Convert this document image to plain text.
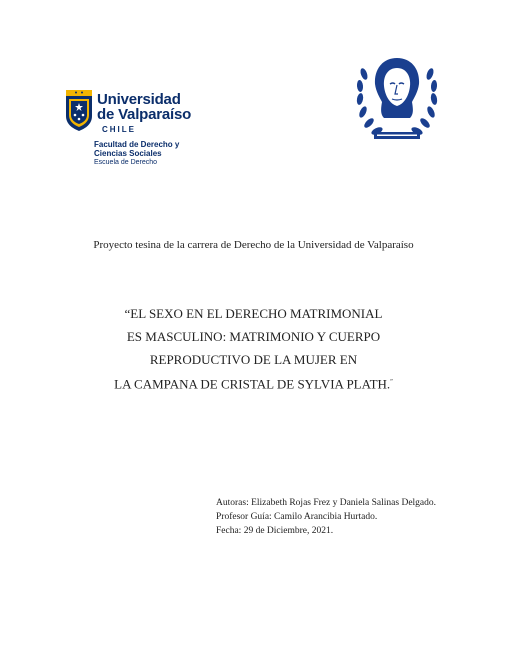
Universidad
de Valparaíso
CHILE
Facultad de Derecho y
Ciencias Sociales
Escuela de Derecho
Proyecto tesina de la carrera de Derecho de la Universidad de Valparaíso
“EL SEXO EN EL DERECHO MATRIMONIAL
ES MASCULINO: MATRIMONIO Y CUERPO
REPRODUCTIVO DE LA MUJER EN
LA CAMPANA DE CRISTAL DE SYLVIA PLATH.”
Autoras: Elizabeth Rojas Frez y Daniela Salinas Delgado.
Profesor Guía: Camilo Arancibia Hurtado.
Fecha: 29 de Diciembre, 2021.
